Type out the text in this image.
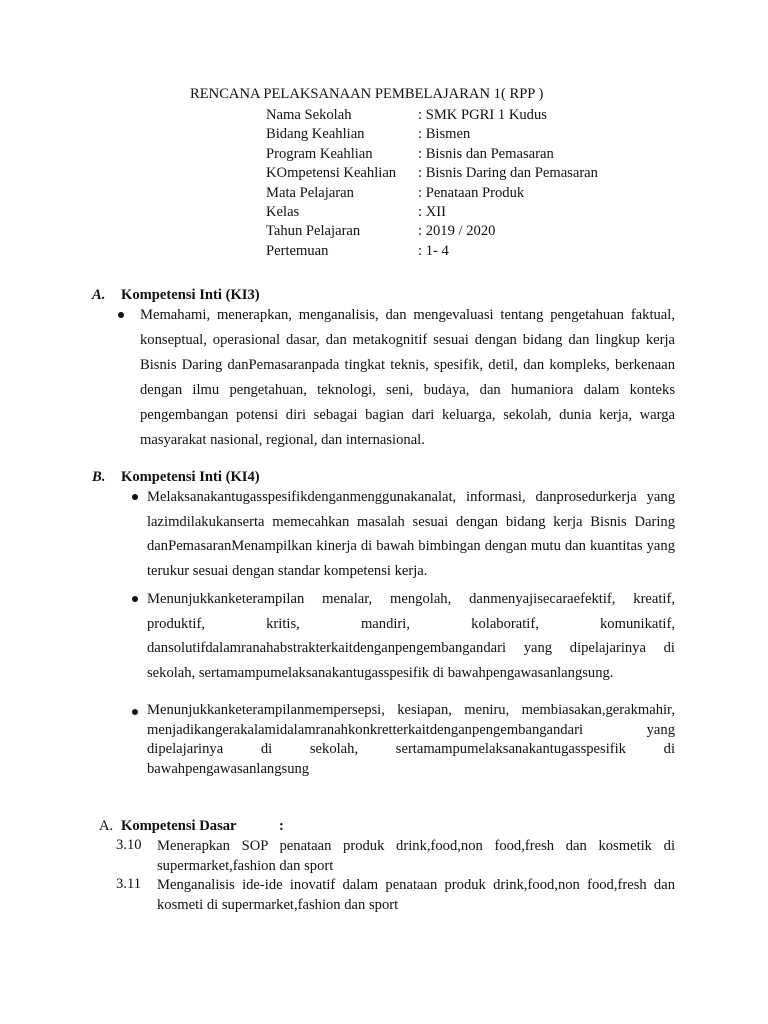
RENCANA PELAKSANAAN PEMBELAJARAN 1( RPP )
Nama Sekolah	: SMK PGRI 1 Kudus
Bidang Keahlian	: Bismen
Program Keahlian	: Bisnis dan Pemasaran
KOmpetensi Keahlian	: Bisnis Daring dan Pemasaran
Mata Pelajaran	: Penataan Produk
Kelas	: XII
Tahun Pelajaran	: 2019 / 2020
Pertemuan	: 1- 4
A. Kompetensi Inti (KI3)
Memahami, menerapkan, menganalisis, dan mengevaluasi tentang pengetahuan faktual, konseptual, operasional dasar, dan metakognitif sesuai dengan bidang dan lingkup kerja Bisnis Daring danPemasaranpada tingkat teknis, spesifik, detil, dan kompleks, berkenaan dengan ilmu pengetahuan, teknologi, seni, budaya, dan humaniora dalam konteks pengembangan potensi diri sebagai bagian dari keluarga, sekolah, dunia kerja, warga masyarakat nasional, regional, dan internasional.
B. Kompetensi Inti (KI4)
Melaksanakantugasspesifikdenganmenggunakanalat, informasi, danprosedurkerja yang lazimdilakukanserta memecahkan masalah sesuai dengan bidang kerja Bisnis Daring danPemasaranMenampilkan kinerja di bawah bimbingan dengan mutu dan kuantitas yang terukur sesuai dengan standar kompetensi kerja.
Menunjukkanketerampilan menalar, mengolah, danmenyajisecaraefektif, kreatif, produktif, kritis, mandiri, kolaboratif, komunikatif, dansolutifdalamranahabstrakterkaitdenganpengembangandari yang dipelajarinya di sekolah, sertamampumelaksanakantugasspesifik di bawahpengawasanlangsung.
Menunjukkanketerampilanmempersepsi, kesiapan, meniru, membiasakan,gerakmahir, menjadikangerakalamidalamranahkonkretterkaitdenganpengembangandari yang dipelajarinya di sekolah, sertamampumelaksanakantugasspesifik di bawahpengawasanlangsung
A. Kompetensi Dasar	:
3.10 Menerapkan SOP penataan produk drink,food,non food,fresh dan kosmetik di supermarket,fashion dan sport
3.11 Menganalisis ide-ide inovatif dalam penataan produk drink,food,non food,fresh dan kosmeti di supermarket,fashion dan sport
